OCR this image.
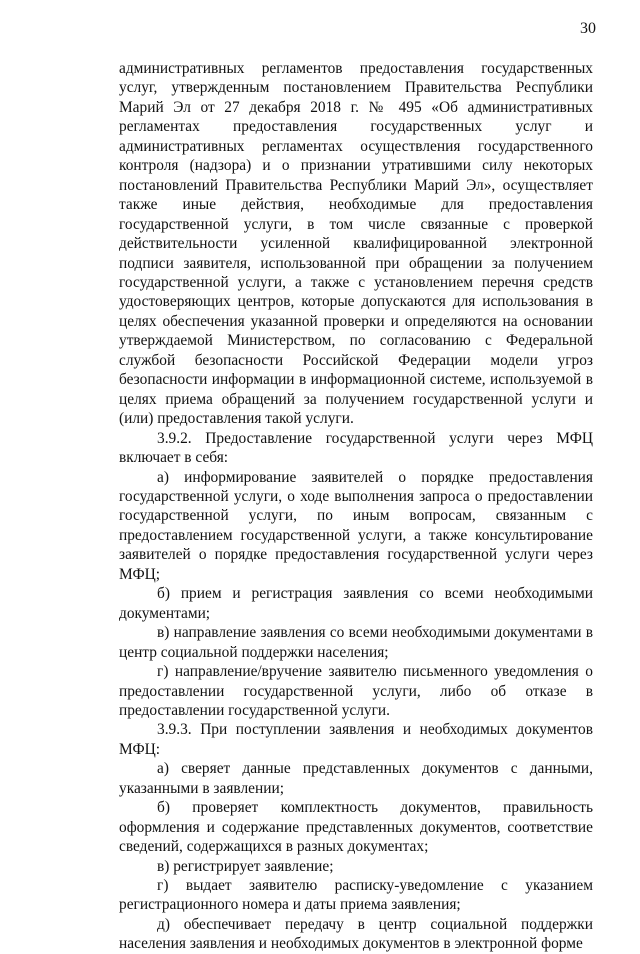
30

административных регламентов предоставления государственных услуг, утвержденным постановлением Правительства Республики Марий Эл от 27 декабря 2018 г. № 495 «Об административных регламентах предоставления государственных услуг и административных регламентах осуществления государственного контроля (надзора) и о признании утратившими силу некоторых постановлений Правительства Республики Марий Эл», осуществляет также иные действия, необходимые для предоставления государственной услуги, в том числе связанные с проверкой действительности усиленной квалифицированной электронной подписи заявителя, использованной при обращении за получением государственной услуги, а также с установлением перечня средств удостоверяющих центров, которые допускаются для использования в целях обеспечения указанной проверки и определяются на основании утверждаемой Министерством, по согласованию с Федеральной службой безопасности Российской Федерации модели угроз безопасности информации в информационной системе, используемой в целях приема обращений за получением государственной услуги и (или) предоставления такой услуги.

3.9.2. Предоставление государственной услуги через МФЦ включает в себя:

а) информирование заявителей о порядке предоставления государственной услуги, о ходе выполнения запроса о предоставлении государственной услуги, по иным вопросам, связанным с предоставлением государственной услуги, а также консультирование заявителей о порядке предоставления государственной услуги через МФЦ;

б) прием и регистрация заявления со всеми необходимыми документами;

в) направление заявления со всеми необходимыми документами в центр социальной поддержки населения;

г) направление/вручение заявителю письменного уведомления о предоставлении государственной услуги, либо об отказе в предоставлении государственной услуги.

3.9.3. При поступлении заявления и необходимых документов МФЦ:

а) сверяет данные представленных документов с данными, указанными в заявлении;

б) проверяет комплектность документов, правильность оформления и содержание представленных документов, соответствие сведений, содержащихся в разных документах;

в) регистрирует заявление;

г) выдает заявителю расписку-уведомление с указанием регистрационного номера и даты приема заявления;

д) обеспечивает передачу в центр социальной поддержки населения заявления и необходимых документов в электронной форме
